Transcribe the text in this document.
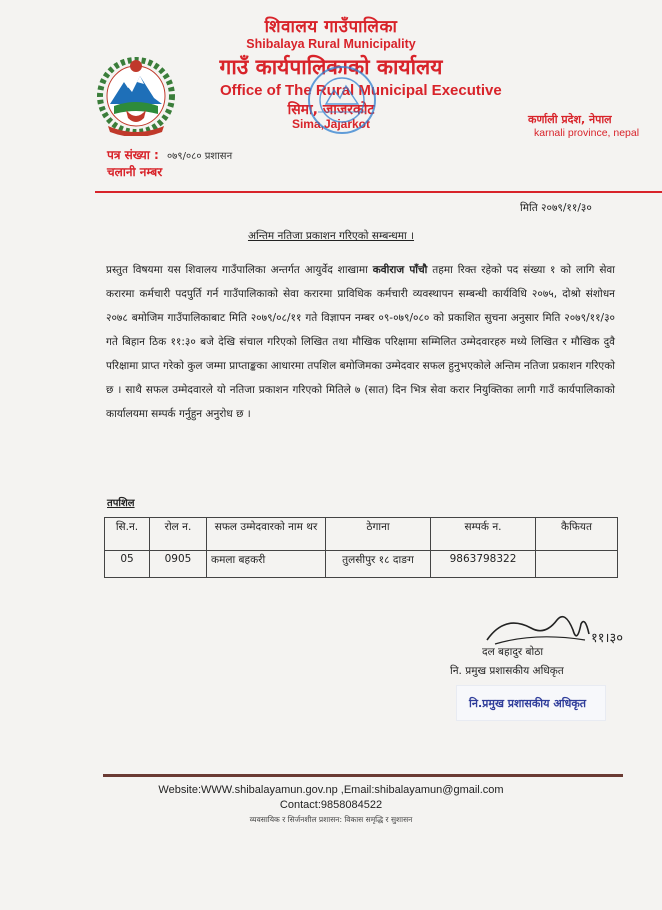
शिवालय गाउँपालिका
Shibalaya Rural Municipality
गाउँ कार्यपालिकाको कार्यालय
Office of The Rural Municipal Executive
सिमा, जाजरकोट
Sima,Jajarkot	कर्णाली प्रदेश, नेपाल
karnali province, nepal
पत्र संख्या : ०७९/०८० प्रशासन
चलानी नम्बर
मिति २०७९/११/३०
अन्तिम नतिजा प्रकाशन गरिएको सम्बन्धमा ।
प्रस्तुत विषयमा यस शिवालय गाउँपालिका अन्तर्गत आयुर्वेद शाखामा कवीराज पाँचौ तहमा रिक्त रहेको पद संख्या १ को लागि सेवा करारमा कर्मचारी पदपुर्ति गर्न गाउँपालिकाको सेवा करारमा प्राविधिक कर्मचारी व्यवस्थापन सम्बन्धी कार्यविधि २०७५, दोश्रो संशोधन २०७८ बमोजिम गाउँपालिकाबाट मिति २०७९/०८/११ गते विज्ञापन नम्बर ०९-०७९/०८० को प्रकाशित सुचना अनुसार मिति २०७९/११/३० गते बिहान ठिक ११:३० बजे देखि संचाल गरिएको लिखित तथा मौखिक परिक्षामा सम्मिलित उम्मेदवारहरु मध्ये लिखित र मौखिक दुवै परिक्षामा प्राप्त गरेको कुल जम्मा प्राप्ताङ्कका आधारमा तपशिल बमोजिमका उम्मेदवार सफल हुनुभएकोले अन्तिम नतिजा प्रकाशन गरिएको छ । साथै सफल उम्मेदवारले यो नतिजा प्रकाशन गरिएको मितिले ७ (सात) दिन भित्र सेवा करार नियुक्तिका लागी गाउँ कार्यपालिकाको कार्यालयमा सम्पर्क गर्नुहुन अनुरोध छ ।
तपशिल
सि.न.	रोल न.	सफल उम्मेदवारको नाम थर	ठेगाना	सम्पर्क न.	कैफियत
05	0905	कमला बहकरी	तुलसीपुर १८ दाङग	9863798322	
११।३०
दल बहादुर बोठा
नि. प्रमुख प्रशासकीय अधिकृत
नि.प्रमुख प्रशासकीय अधिकृत
Website:WWW.shibalayamun.gov.np ,Email:shibalayamun@gmail.com
Contact:9858084522
व्यवसायिक र सिर्जनशील प्रशासन: विकास समृद्धि र सुशासन
